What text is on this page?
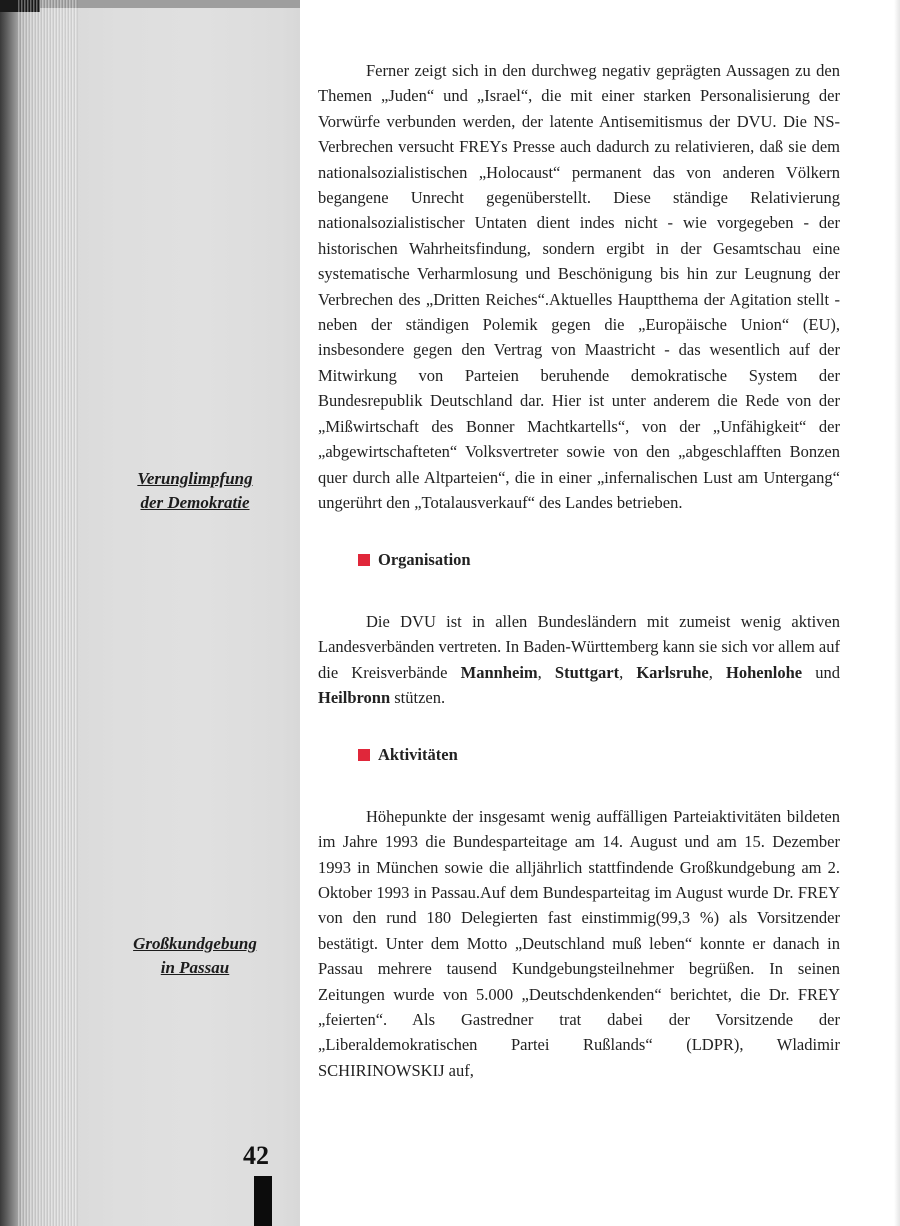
Verunglimpfung
der Demokratie
Großkundgebung
in Passau
42

Ferner zeigt sich in den durchweg negativ geprägten Aussagen zu den Themen „Juden“ und „Israel“, die mit einer starken Personalisierung der Vorwürfe verbunden werden, der latente Antisemitismus der DVU. Die NS-Verbrechen versucht FREYs Presse auch dadurch zu relativieren, daß sie dem nationalsozialistischen „Holocaust“ permanent das von anderen Völkern begangene Unrecht gegenüberstellt. Diese ständige Relativierung nationalsozialistischer Untaten dient indes nicht - wie vorgegeben - der historischen Wahrheitsfindung, sondern ergibt in der Gesamtschau eine systematische Verharmlosung und Beschönigung bis hin zur Leugnung der Verbrechen des „Dritten Reiches“.Aktuelles Hauptthema der Agitation stellt - neben der ständigen Polemik gegen die „Europäische Union“ (EU), insbesondere gegen den Vertrag von Maastricht - das wesentlich auf der Mitwirkung von Parteien beruhende demokratische System der Bundesrepublik Deutschland dar. Hier ist unter anderem die Rede von der „Mißwirtschaft des Bonner Machtkartells“, von der „Unfähigkeit“ der „abgewirtschafteten“ Volksvertreter sowie von den „abgeschlafften Bonzen quer durch alle Altparteien“, die in einer „infernalischen Lust am Untergang“ ungerührt den „Totalausverkauf“ des Landes betrieben.

Organisation

Die DVU ist in allen Bundesländern mit zumeist wenig aktiven Landesverbänden vertreten. In Baden-Württemberg kann sie sich vor allem auf die Kreisverbände Mannheim, Stuttgart, Karlsruhe, Hohenlohe und Heilbronn stützen.

Aktivitäten

Höhepunkte der insgesamt wenig auffälligen Parteiaktivitäten bildeten im Jahre 1993 die Bundesparteitage am 14. August und am 15. Dezember 1993 in München sowie die alljährlich stattfindende Großkundgebung am 2. Oktober 1993 in Passau.Auf dem Bundesparteitag im August wurde Dr. FREY von den rund 180 Delegierten fast einstimmig(99,3 %) als Vorsitzender bestätigt. Unter dem Motto „Deutschland muß leben“ konnte er danach in Passau mehrere tausend Kundgebungsteilnehmer begrüßen. In seinen Zeitungen wurde von 5.000 „Deutschdenkenden“ berichtet, die Dr. FREY „feierten“. Als Gastredner trat dabei der Vorsitzende der „Liberaldemokratischen Partei Rußlands“ (LDPR), Wladimir SCHIRINOWSKIJ auf,
